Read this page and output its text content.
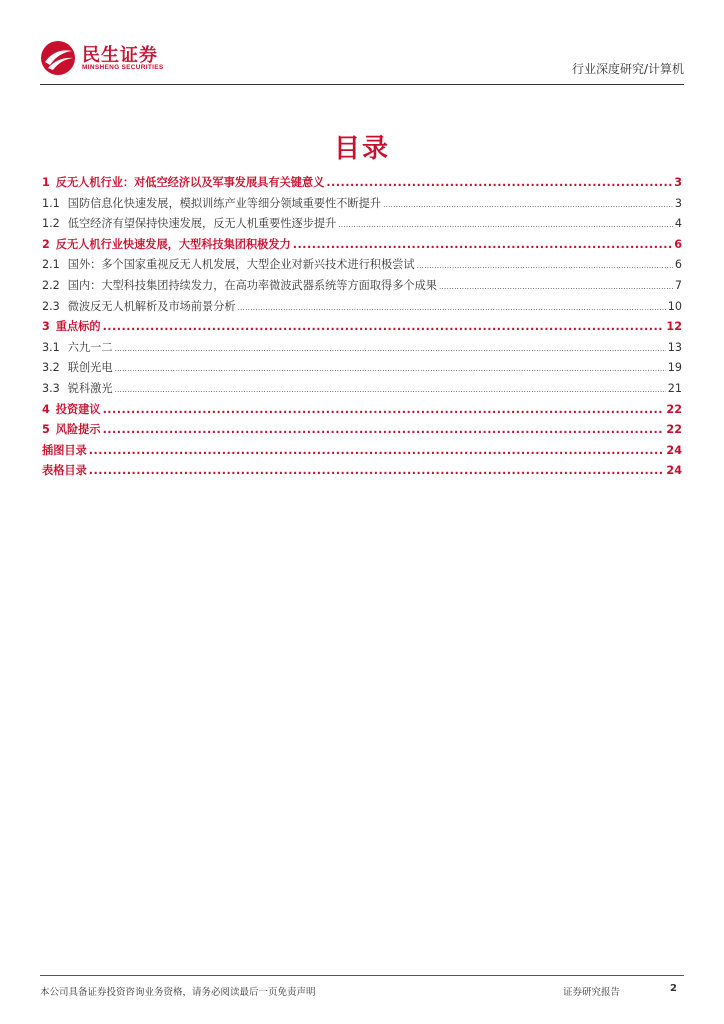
民生证券
MINSHENG SECURITIES	行业深度研究/计算机
目录
1 反无人机行业：对低空经济以及军事发展具有关键意义 .....	3
1.1 国防信息化快速发展，模拟训练产业等细分领域重要性不断提升 .....	3
1.2 低空经济有望保持快速发展，反无人机重要性逐步提升 .....	4
2 反无人机行业快速发展，大型科技集团积极发力 .....	6
2.1 国外：多个国家重视反无人机发展，大型企业对新兴技术进行积极尝试 .....	6
2.2 国内：大型科技集团持续发力，在高功率微波武器系统等方面取得多个成果 .....	7
2.3 微波反无人机解析及市场前景分析 .....	10
3 重点标的 .....	12
3.1 六九一二 .....	13
3.2 联创光电 .....	19
3.3 锐科激光 .....	21
4 投资建议 .....	22
5 风险提示 .....	22
插图目录 .....	24
表格目录 .....	24
本公司具备证券投资咨询业务资格，请务必阅读最后一页免责声明	证券研究报告	2
